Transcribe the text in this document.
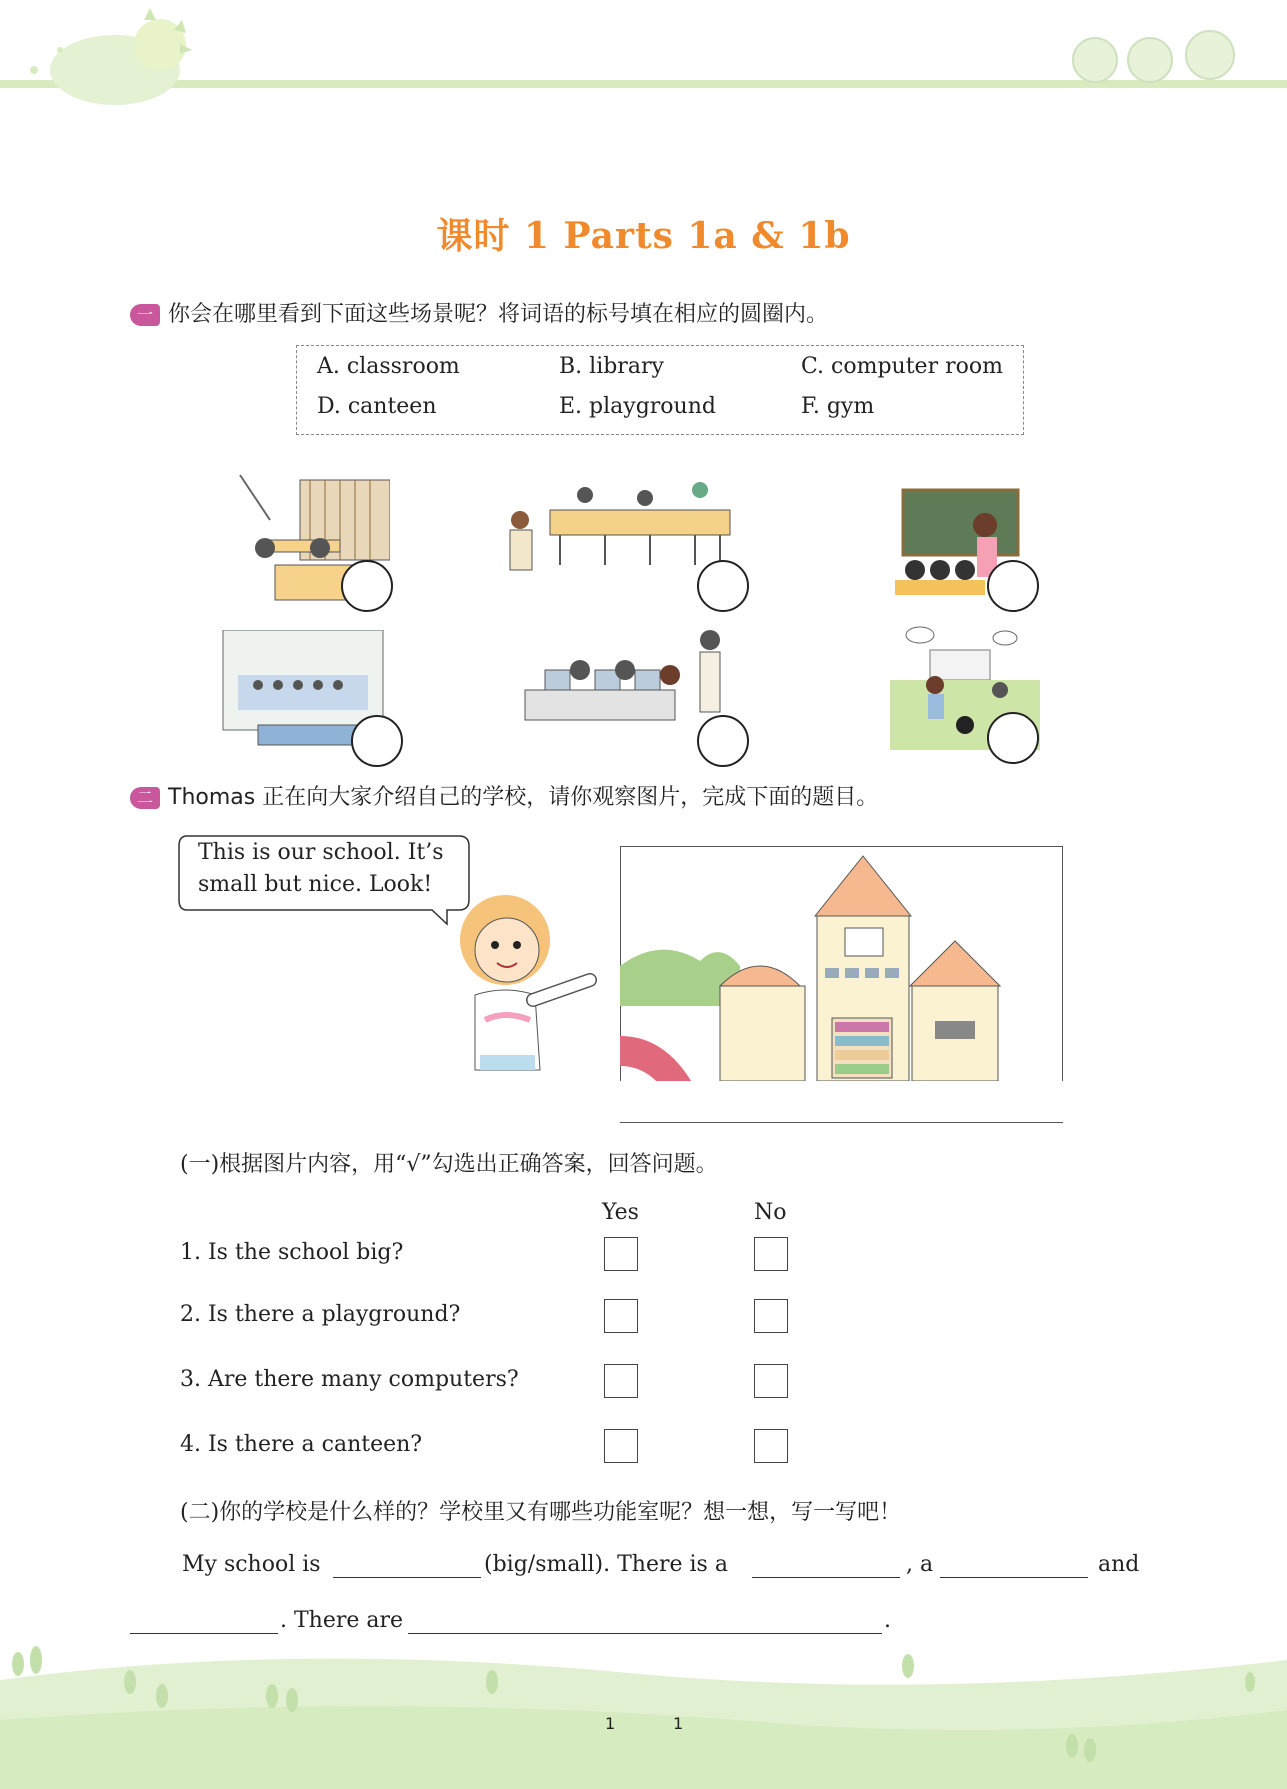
课时 1 Parts 1a & 1b
一 你会在哪里看到下面这些场景呢？将词语的标号填在相应的圆圈内。
A. classroom	B. library	C. computer room
D. canteen	E. playground	F. gym
二 Thomas 正在向大家介绍自己的学校，请你观察图片，完成下面的题目。
This is our school. It’s
small but nice. Look!
(一)根据图片内容，用“√”勾选出正确答案，回答问题。
Yes	No
1. Is the school big?
2. Is there a playground?
3. Are there many computers?
4. Is there a canteen?
(二)你的学校是什么样的？学校里又有哪些功能室呢？想一想，写一写吧！
My school is	(big/small). There is a	, a	and
. There are	.
1	1
